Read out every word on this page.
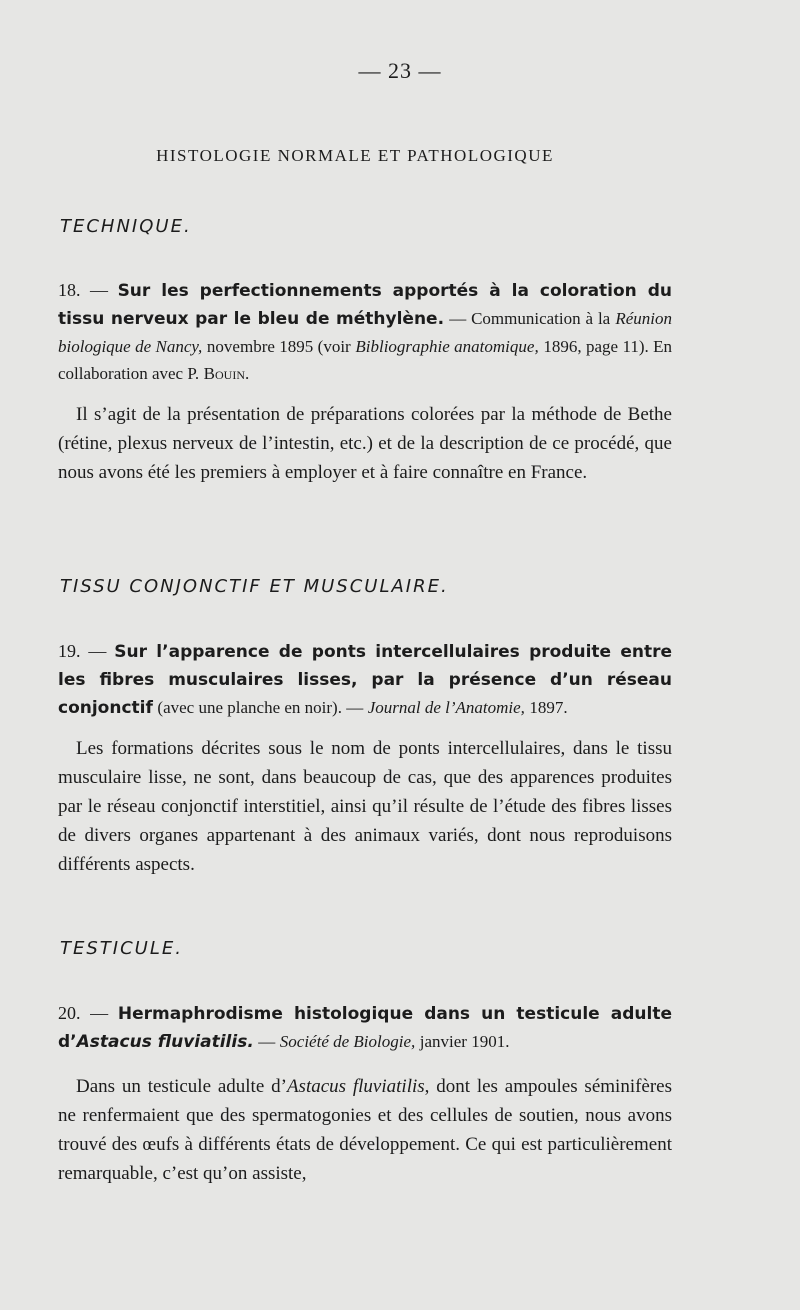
— 23 —
HISTOLOGIE NORMALE ET PATHOLOGIQUE
TECHNIQUE.
18. — Sur les perfectionnements apportés à la coloration du tissu nerveux par le bleu de méthylène. — Communication à la Réunion biologique de Nancy, novembre 1895 (voir Bibliographie anatomique, 1896, page 11). En collaboration avec P. Bouin.
Il s’agit de la présentation de préparations colorées par la méthode de Bethe (rétine, plexus nerveux de l’intestin, etc.) et de la description de ce procédé, que nous avons été les premiers à employer et à faire connaître en France.
TISSU CONJONCTIF ET MUSCULAIRE.
19. — Sur l’apparence de ponts intercellulaires produite entre les fibres musculaires lisses, par la présence d’un réseau conjonctif (avec une planche en noir). — Journal de l’Anatomie, 1897.
Les formations décrites sous le nom de ponts intercellulaires, dans le tissu musculaire lisse, ne sont, dans beaucoup de cas, que des apparences produites par le réseau conjonctif interstitiel, ainsi qu’il résulte de l’étude des fibres lisses de divers organes appartenant à des animaux variés, dont nous reproduisons différents aspects.
TESTICULE.
20. — Hermaphrodisme histologique dans un testicule adulte d’Astacus fluviatilis. — Société de Biologie, janvier 1901.
Dans un testicule adulte d’Astacus fluviatilis, dont les ampoules séminifères ne renfermaient que des spermatogonies et des cellules de soutien, nous avons trouvé des œufs à différents états de développement. Ce qui est particulièrement remarquable, c’est qu’on assiste,
